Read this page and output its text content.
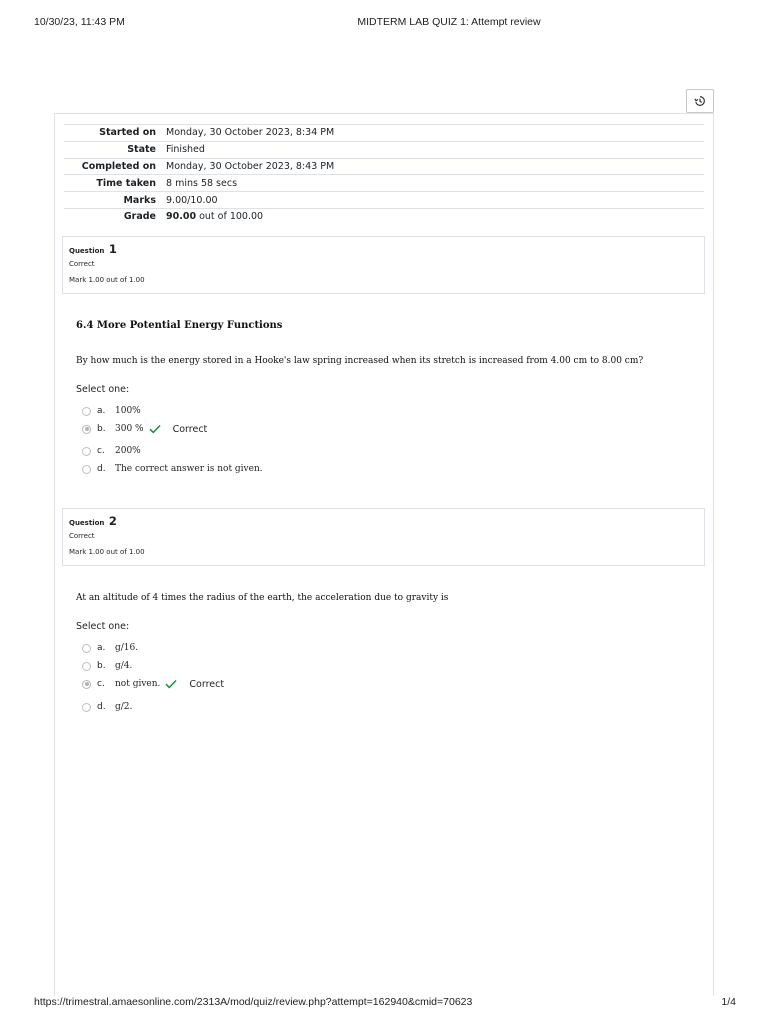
10/30/23, 11:43 PM	MIDTERM LAB QUIZ 1: Attempt review
Started on	Monday, 30 October 2023, 8:34 PM
State	Finished
Completed on	Monday, 30 October 2023, 8:43 PM
Time taken	8 mins 58 secs
Marks	9.00/10.00
Grade	90.00 out of 100.00
Question 1
Correct
Mark 1.00 out of 1.00
6.4 More Potential Energy Functions
By how much is the energy stored in a Hooke's law spring increased when its stretch is increased from 4.00 cm to 8.00 cm?
Select one:
a.	100%
b.	300 %	Correct
c.	200%
d.	The correct answer is not given.
Question 2
Correct
Mark 1.00 out of 1.00
At an altitude of 4 times the radius of the earth, the acceleration due to gravity is
Select one:
a.	g/16.
b.	g/4.
c.	not given.	Correct
d.	g/2.
https://trimestral.amaesonline.com/2313A/mod/quiz/review.php?attempt=162940&cmid=70623	1/4
